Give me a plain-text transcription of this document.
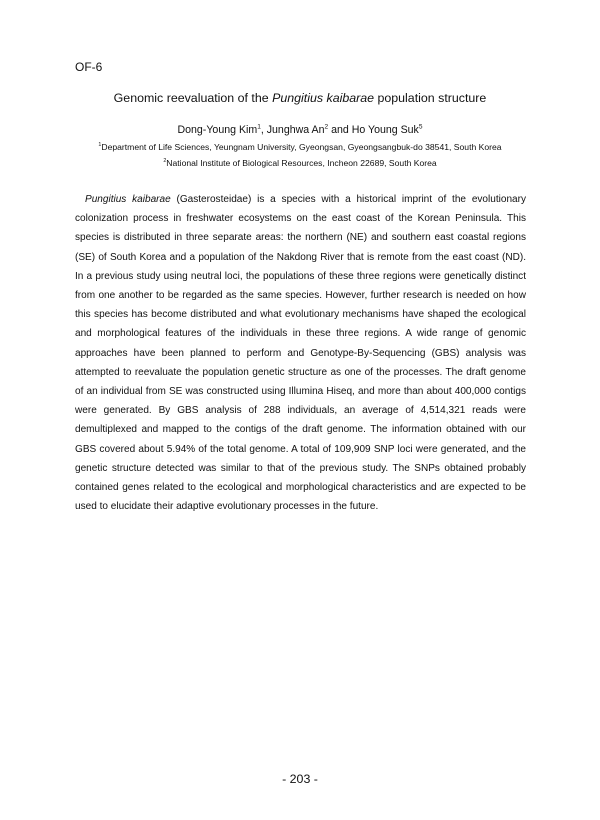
OF-6
Genomic reevaluation of the Pungitius kaibarae population structure
Dong-Young Kim$^1$, Junghwa An$^2$ and Ho Young Suk$^5$
$^1$Department of Life Sciences, Yeungnam University, Gyeongsan, Gyeongsangbuk-do 38541, South Korea
$^2$National Institute of Biological Resources, Incheon 22689, South Korea

Pungitius kaibarae (Gasterosteidae) is a species with a historical imprint of the evolutionary colonization process in freshwater ecosystems on the east coast of the Korean Peninsula. This species is distributed in three separate areas: the northern (NE) and southern east coastal regions (SE) of South Korea and a population of the Nakdong River that is remote from the east coast (ND). In a previous study using neutral loci, the populations of these three regions were genetically distinct from one another to be regarded as the same species. However, further research is needed on how this species has become distributed and what evolutionary mechanisms have shaped the ecological and morphological features of the individuals in these three regions. A wide range of genomic approaches have been planned to perform and Genotype-By-Sequencing (GBS) analysis was attempted to reevaluate the population genetic structure as one of the processes. The draft genome of an individual from SE was constructed using Illumina Hiseq, and more than about 400,000 contigs were generated. By GBS analysis of 288 individuals, an average of 4,514,321 reads were demultiplexed and mapped to the contigs of the draft genome. The information obtained with our GBS covered about 5.94% of the total genome. A total of 109,909 SNP loci were generated, and the genetic structure detected was similar to that of the previous study. The SNPs obtained probably contained genes related to the ecological and morphological characteristics and are expected to be used to elucidate their adaptive evolutionary processes in the future.

- 203 -
